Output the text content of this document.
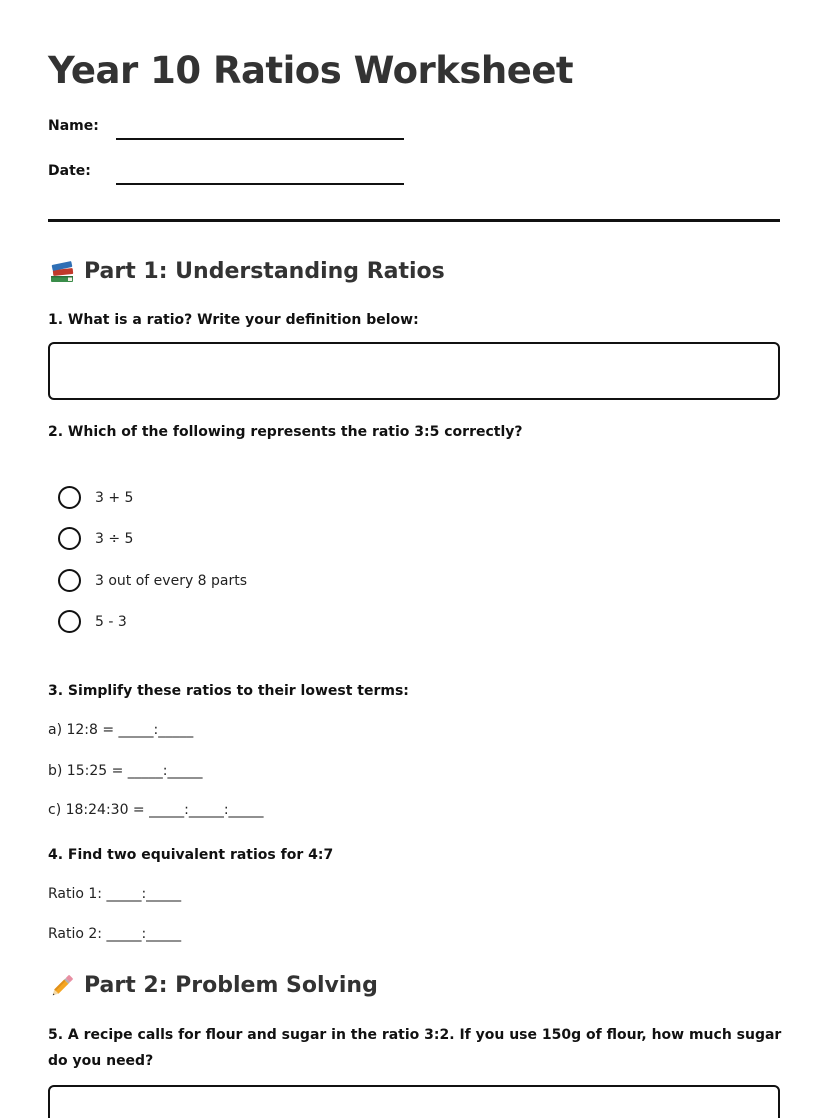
Year 10 Ratios Worksheet
Name:
Date:
Part 1: Understanding Ratios
1. What is a ratio? Write your definition below:
2. Which of the following represents the ratio 3:5 correctly?
3 + 5
3 ÷ 5
3 out of every 8 parts
5 - 3
3. Simplify these ratios to their lowest terms:
a) 12:8 = _____:_____
b) 15:25 = _____:_____
c) 18:24:30 = _____:_____:_____
4. Find two equivalent ratios for 4:7
Ratio 1: _____:_____
Ratio 2: _____:_____
Part 2: Problem Solving
5. A recipe calls for flour and sugar in the ratio 3:2. If you use 150g of flour, how much sugar do you need?
